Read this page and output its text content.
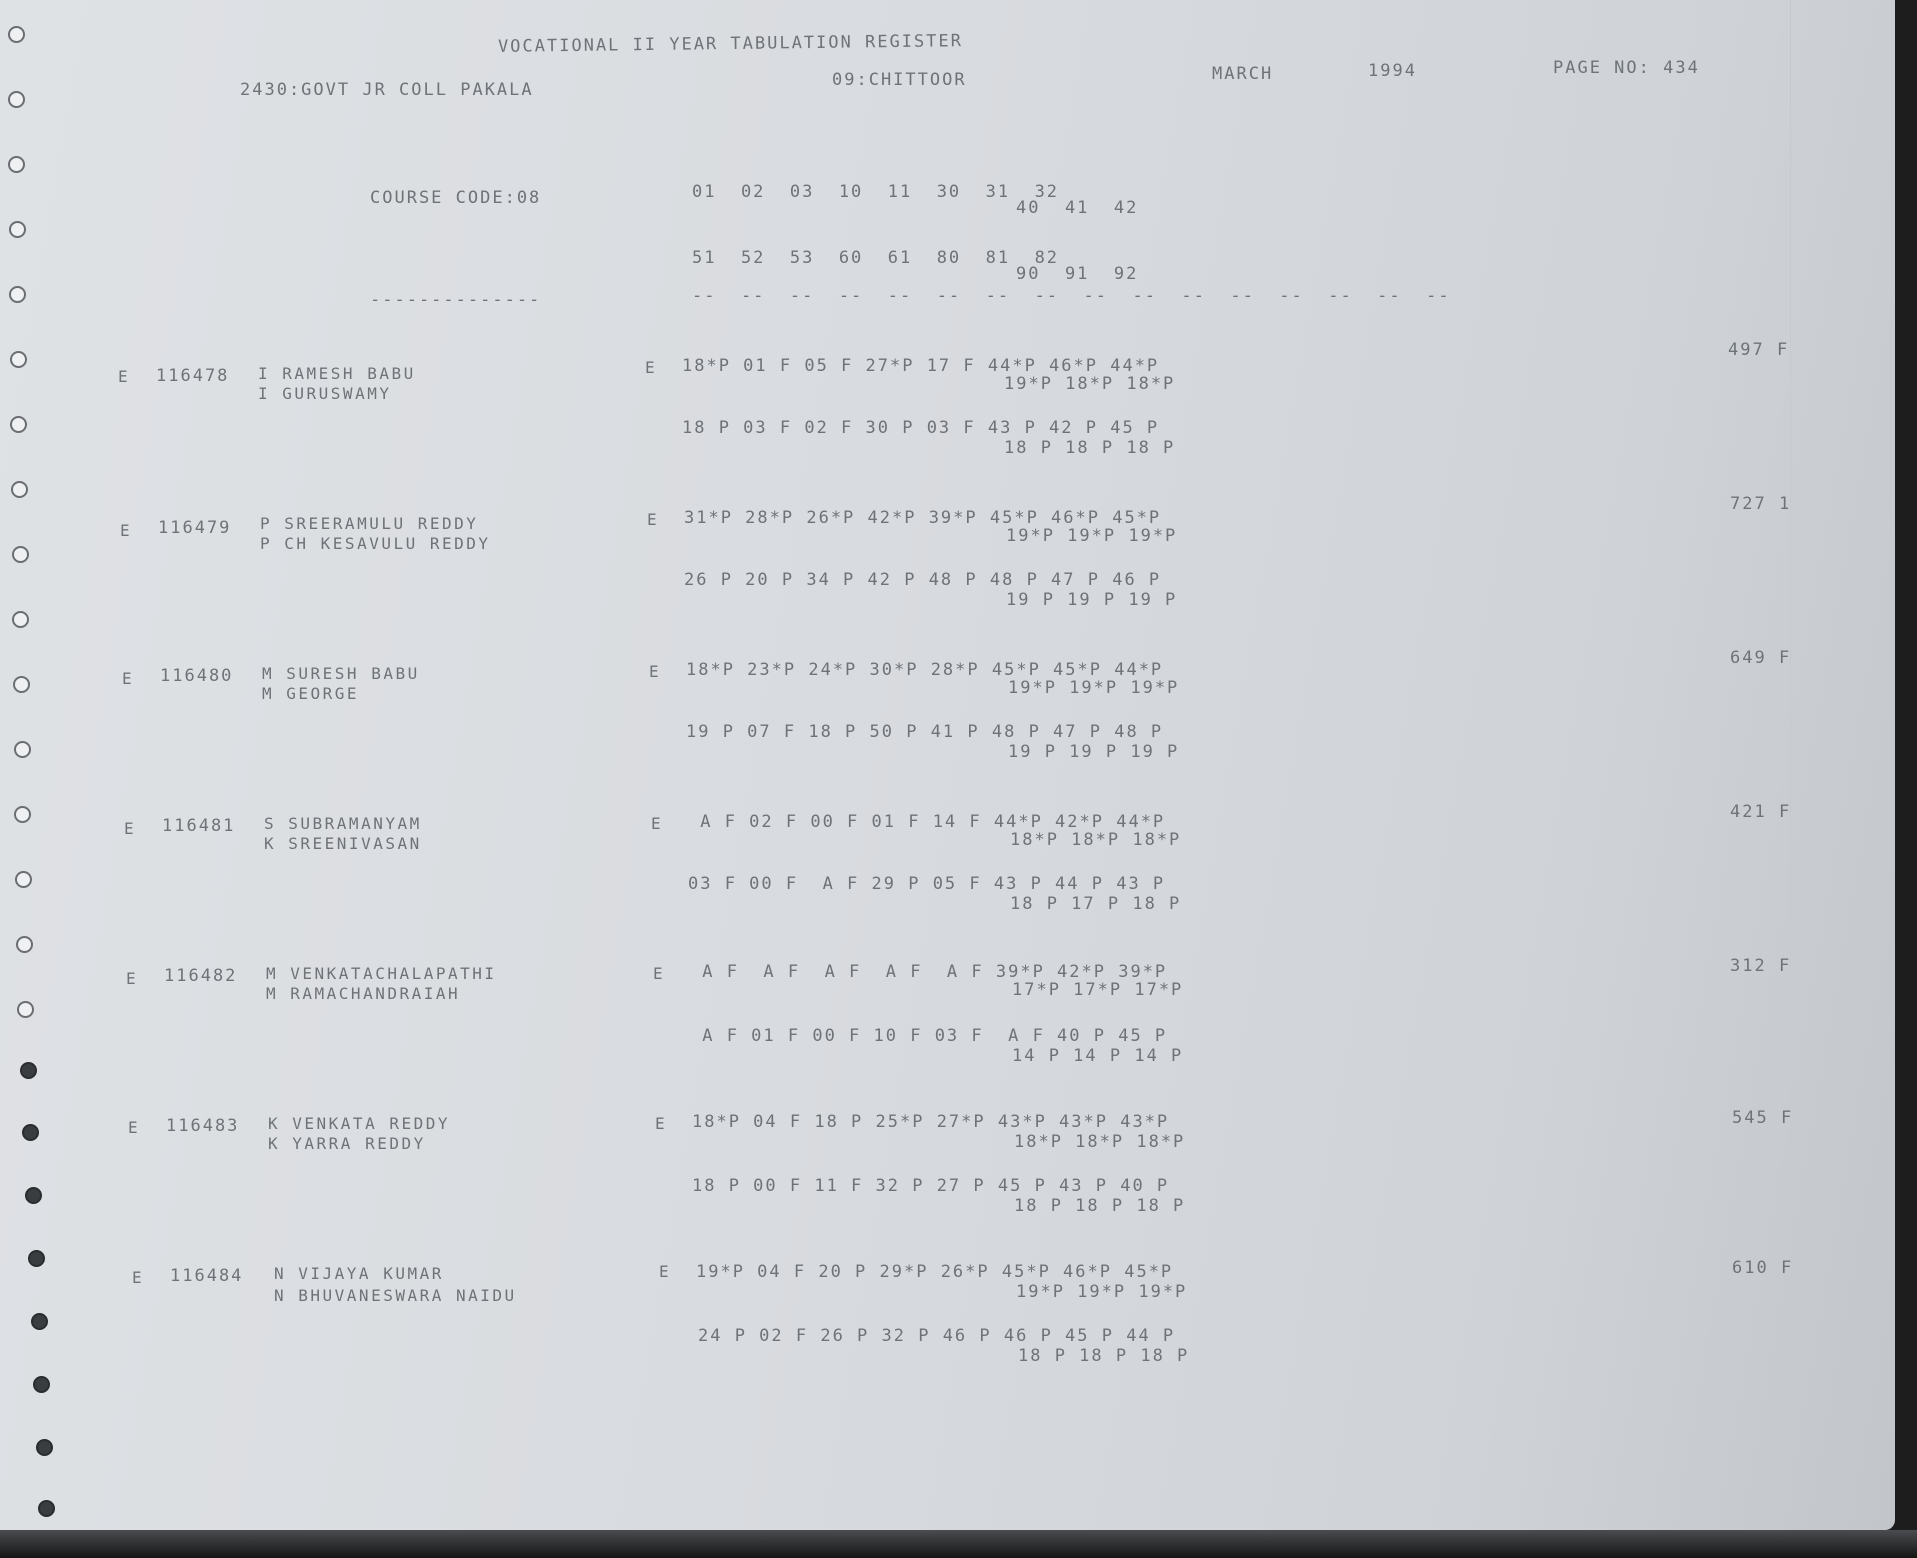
VOCATIONAL II YEAR TABULATION REGISTER
2430:GOVT JR COLL PAKALA	09:CHITTOOR	MARCH	1994	PAGE NO: 434
COURSE CODE:08	01  02  03  10  11  30  31  32
40  41  42
51  52  53  60  61  80  81  82
90  91  92
--------------	--  --  --  --  --  --  --  --  --  --  --  --  --  --  --  --
E 116478 I RAMESH BABU
I GURUSWAMY
E 18*P 01 F 05 F 27*P 17 F 44*P 46*P 44*P
19*P 18*P 18*P
18 P 03 F 02 F 30 P 03 F 43 P 42 P 45 P
18 P 18 P 18 P
497 F
E 116479 P SREERAMULU REDDY
P CH KESAVULU REDDY
E 31*P 28*P 26*P 42*P 39*P 45*P 46*P 45*P
19*P 19*P 19*P
26 P 20 P 34 P 42 P 48 P 48 P 47 P 46 P
19 P 19 P 19 P
727 1
E 116480 M SURESH BABU
M GEORGE
E 18*P 23*P 24*P 30*P 28*P 45*P 45*P 44*P
19*P 19*P 19*P
19 P 07 F 18 P 50 P 41 P 48 P 47 P 48 P
19 P 19 P 19 P
649 F
E 116481 S SUBRAMANYAM
K SREENIVASAN
E A F 02 F 00 F 01 F 14 F 44*P 42*P 44*P
18*P 18*P 18*P
03 F 00 F  A F 29 P 05 F 43 P 44 P 43 P
18 P 17 P 18 P
421 F
E 116482 M VENKATACHALAPATHI
M RAMACHANDRAIAH
E A F  A F  A F  A F  A F 39*P 42*P 39*P
17*P 17*P 17*P
A F 01 F 00 F 10 F 03 F  A F 40 P 45 P
14 P 14 P 14 P
312 F
E 116483 K VENKATA REDDY
K YARRA REDDY
E 18*P 04 F 18 P 25*P 27*P 43*P 43*P 43*P
18*P 18*P 18*P
18 P 00 F 11 F 32 P 27 P 45 P 43 P 40 P
18 P 18 P 18 P
545 F
E 116484 N VIJAYA KUMAR
N BHUVANESWARA NAIDU
E 19*P 04 F 20 P 29*P 26*P 45*P 46*P 45*P
19*P 19*P 19*P
24 P 02 F 26 P 32 P 46 P 46 P 45 P 44 P
18 P 18 P 18 P
610 F
